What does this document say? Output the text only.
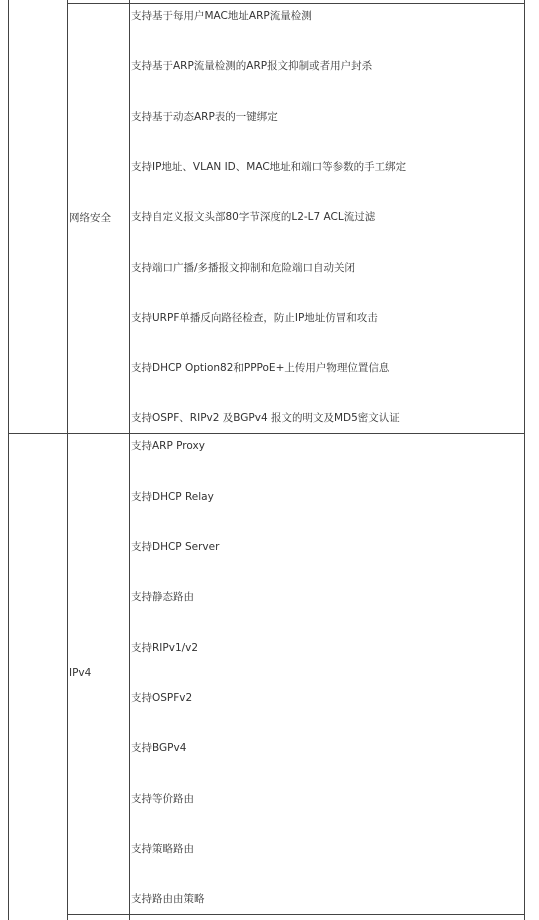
网络安全
支持基于每用户MAC地址ARP流量检测
支持基于ARP流量检测的ARP报文抑制或者用户封杀
支持基于动态ARP表的一键绑定
支持IP地址、VLAN ID、MAC地址和端口等参数的手工绑定
支持自定义报文头部80字节深度的L2-L7 ACL流过滤
支持端口广播/多播报文抑制和危险端口自动关闭
支持URPF单播反向路径检查，防止IP地址仿冒和攻击
支持DHCP Option82和PPPoE+上传用户物理位置信息
支持OSPF、RIPv2 及BGPv4 报文的明文及MD5密文认证
IPv4
支持ARP Proxy
支持DHCP Relay
支持DHCP Server
支持静态路由
支持RIPv1/v2
支持OSPFv2
支持BGPv4
支持等价路由
支持策略路由
支持路由由策略
